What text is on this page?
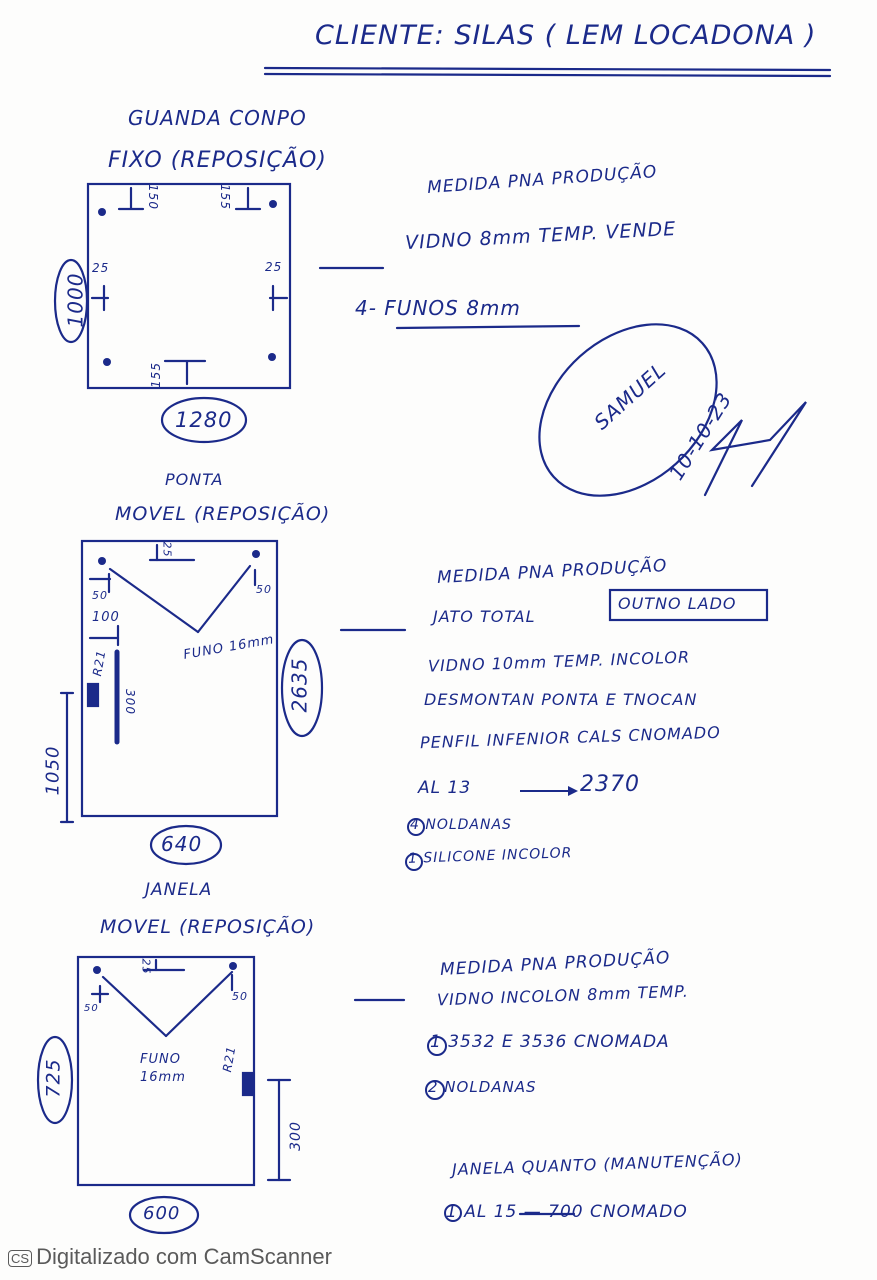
CLIENTE: SILAS ( LEM LOCADONA )
GUANDA CONPO
FIXO (REPOSIÇÃO)
150	155
25	25
155
1000
1280
MEDIDA PNA PRODUÇÃO
VIDNO 8mm TEMP. VENDE
4- FUNOS 8mm
SAMUEL
10-10-23
PONTA
MOVEL (REPOSIÇÃO)
25
50
50
100
R21
300
1050
FUNO 16mm
2635
640
MEDIDA PNA PRODUÇÃO
JATO TOTAL
OUTNO LADO
VIDNO 10mm TEMP. INCOLOR
DESMONTAN PONTA E TNOCAN
PENFIL INFENIOR CALS CNOMADO
AL 13	2370
4 NOLDANAS
1 SILICONE INCOLOR
JANELA
MOVEL (REPOSIÇÃO)
25
50
50
FUNO
16mm
R21
300
725
600
MEDIDA PNA PRODUÇÃO
VIDNO INCOLON 8mm TEMP.
1 3532 E 3536 CNOMADA
2 NOLDANAS
JANELA QUANTO (MANUTENÇÃO)
1 AL 15 — 700 CNOMADO
CS Digitalizado com CamScanner
